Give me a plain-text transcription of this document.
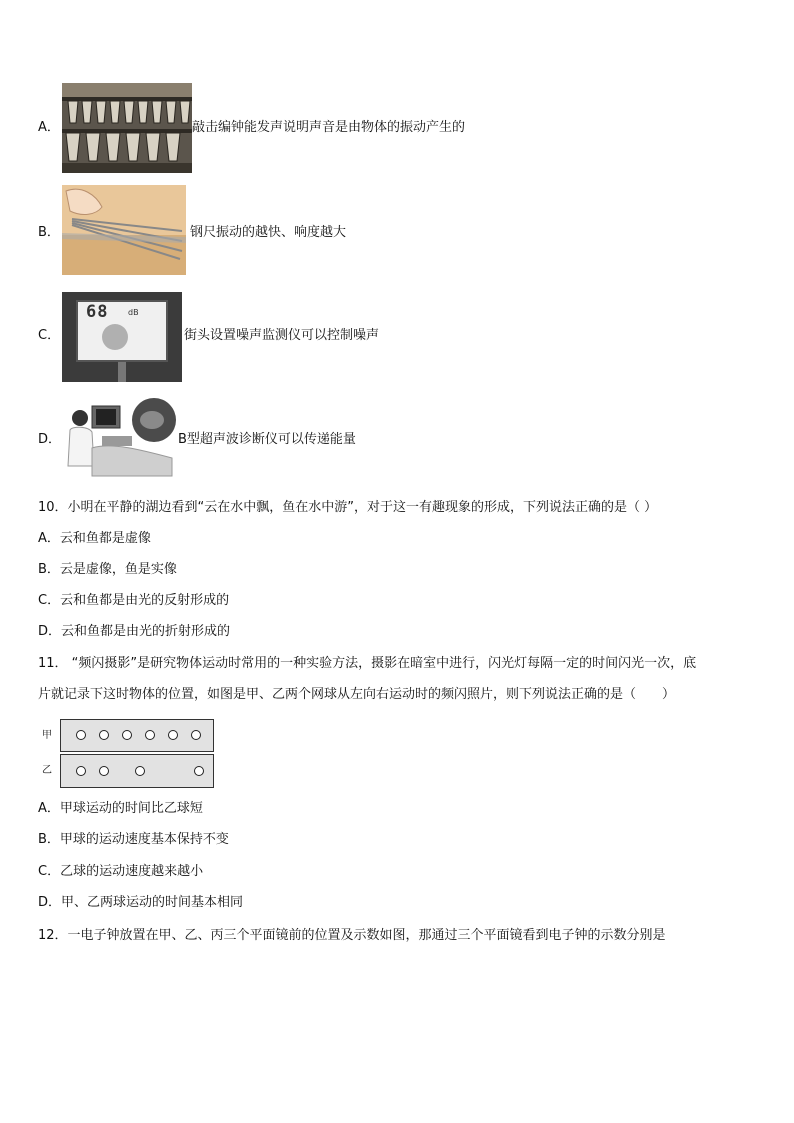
A．	敲击编钟能发声说明声音是由物体的振动产生的
B．	钢尺振动的越快、响度越大
C．
68 dB
街头设置噪声监测仪可以控制噪声
D．	B型超声波诊断仪可以传递能量
10．小明在平静的湖边看到“云在水中飘，鱼在水中游”，对于这一有趣现象的形成，下列说法正确的是（ ）
A．云和鱼都是虚像
B．云是虚像，鱼是实像
C．云和鱼都是由光的反射形成的
D．云和鱼都是由光的折射形成的
11． “频闪摄影”是研究物体运动时常用的一种实验方法，摄影在暗室中进行，闪光灯每隔一定的时间闪光一次，底
片就记录下这时物体的位置，如图是甲、乙两个网球从左向右运动时的频闪照片，则下列说法正确的是（　　）
甲
乙
A．甲球运动的时间比乙球短
B．甲球的运动速度基本保持不变
C．乙球的运动速度越来越小
D．甲、乙两球运动的时间基本相同
12．一电子钟放置在甲、乙、丙三个平面镜前的位置及示数如图，那通过三个平面镜看到电子钟的示数分别是
